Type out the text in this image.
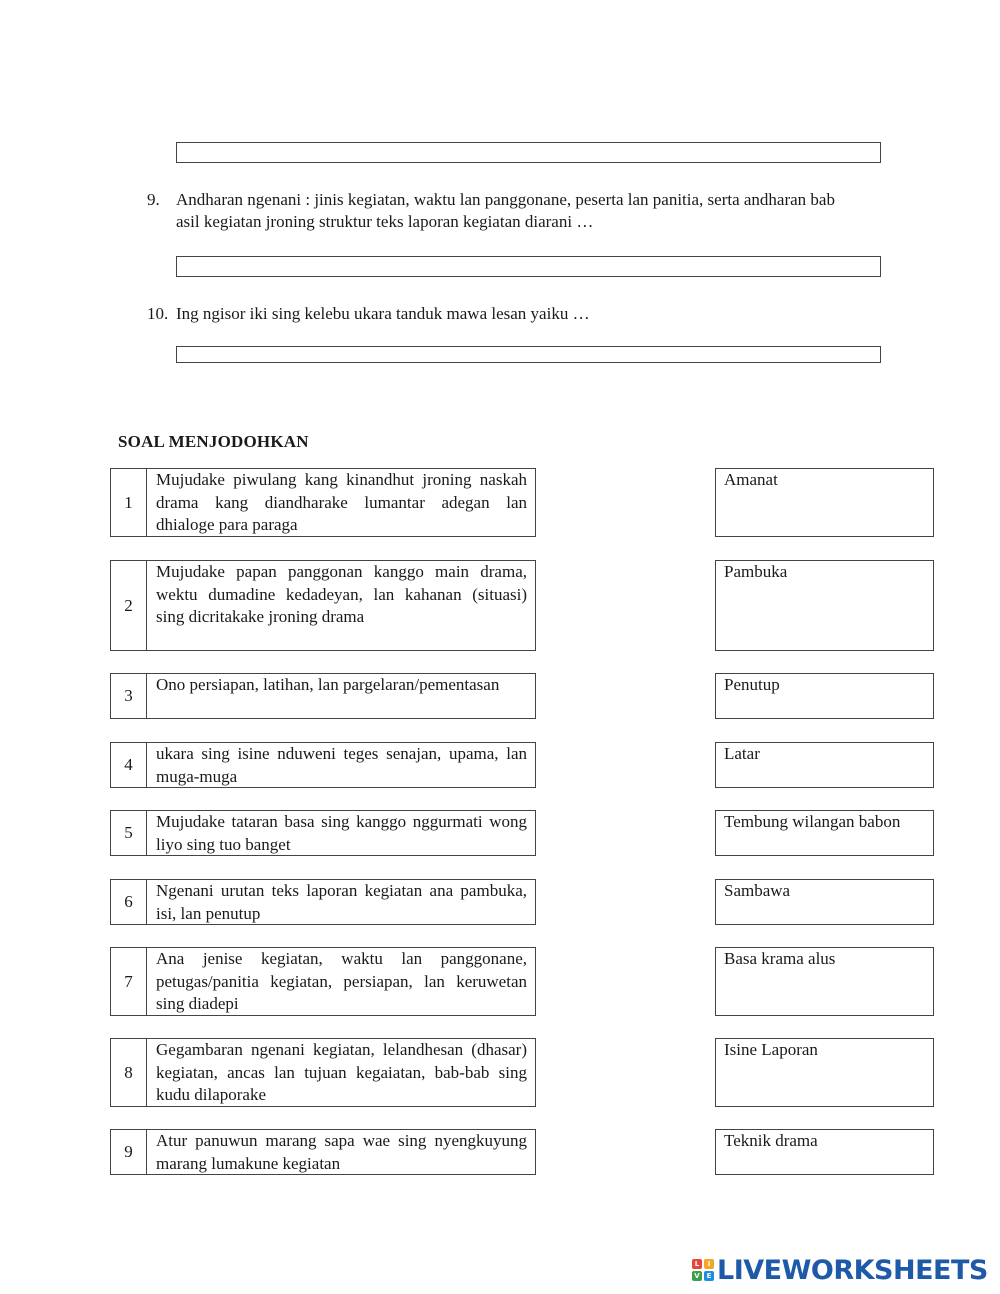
9. Andharan ngenani : jinis kegiatan, waktu lan panggonane, peserta lan panitia, serta andharan bab asil kegiatan jroning struktur teks laporan kegiatan diarani …
10. Ing ngisor iki sing kelebu ukara tanduk mawa lesan yaiku …
SOAL MENJODOHKAN
1
Mujudake piwulang kang kinandhut jroning naskah drama kang diandharake lumantar adegan lan dhialoge para paraga
Amanat
2
Mujudake papan panggonan kanggo main drama, wektu dumadine kedadeyan, lan kahanan (situasi) sing dicritakake jroning drama
Pambuka
3
Ono persiapan, latihan, lan pargelaran/pementasan	Penutup
4
ukara sing isine nduweni teges senajan, upama, lan muga-muga
Latar
5
Mujudake tataran basa sing kanggo nggurmati wong liyo sing tuo banget
Tembung wilangan babon
6
Ngenani urutan teks laporan kegiatan ana pambuka, isi, lan penutup
Sambawa
7
Ana jenise kegiatan, waktu lan panggonane, petugas/panitia kegiatan, persiapan, lan keruwetan sing diadepi
Basa krama alus
8
Gegambaran ngenani kegiatan, lelandhesan (dhasar) kegiatan, ancas lan tujuan kegaiatan, bab-bab sing kudu dilaporake
Isine Laporan
9
Atur panuwun marang sapa wae sing nyengkuyung marang lumakune kegiatan
Teknik drama
L	I
V E LIVEWORKSHEETS
